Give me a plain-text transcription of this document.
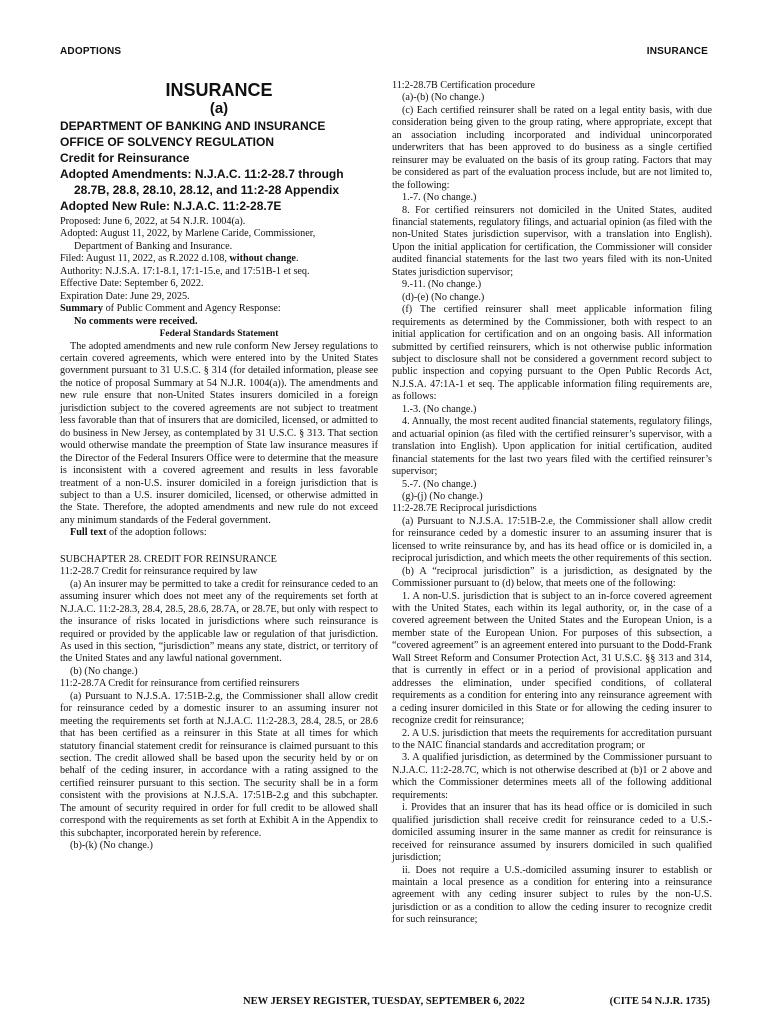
ADOPTIONS	INSURANCE

INSURANCE

(a)

DEPARTMENT OF BANKING AND INSURANCE

OFFICE OF SOLVENCY REGULATION

Credit for Reinsurance

Adopted Amendments: N.J.A.C. 11:2-28.7 through

28.7B, 28.8, 28.10, 28.12, and 11:2-28 Appendix

Adopted New Rule: N.J.A.C. 11:2-28.7E

Proposed: June 6, 2022, at 54 N.J.R. 1004(a).

Adopted: August 11, 2022, by Marlene Caride, Commissioner,

Department of Banking and Insurance.

Filed: August 11, 2022, as R.2022 d.108, without change.

Authority: N.J.S.A. 17:1-8.1, 17:1-15.e, and 17:51B-1 et seq.

Effective Date: September 6, 2022.

Expiration Date: June 29, 2025.

Summary of Public Comment and Agency Response:

No comments were received.

Federal Standards Statement

The adopted amendments and new rule conform New Jersey regulations to certain covered agreements, which were entered into by the United States government pursuant to 31 U.S.C. § 314 (for detailed information, please see the notice of proposal Summary at 54 N.J.R. 1004(a)). The amendments and new rule ensure that non-United States insurers domiciled in a foreign jurisdiction subject to the covered agreements are not subject to treatment less favorable than that of insurers that are domiciled, licensed, or admitted to do business in New Jersey, as contemplated by 31 U.S.C. § 313. That section would otherwise mandate the preemption of State law insurance measures if the Director of the Federal Insurers Office were to determine that the measure is inconsistent with a covered agreement and results in less favorable treatment of a non-U.S. insurer domiciled in a foreign jurisdiction that is subject to than a U.S. insurer domiciled, licensed, or otherwise admitted in the State. Therefore, the adopted amendments and new rule do not exceed any minimum standards of the Federal government.

Full text of the adoption follows:

SUBCHAPTER 28. CREDIT FOR REINSURANCE

11:2-28.7 Credit for reinsurance required by law

(a) An insurer may be permitted to take a credit for reinsurance ceded to an assuming insurer which does not meet any of the requirements set forth at N.J.A.C. 11:2-28.3, 28.4, 28.5, 28.6, 28.7A, or 28.7E, but only with respect to the insurance of risks located in jurisdictions where such reinsurance is required or provided by the applicable law or regulation of that jurisdiction. As used in this section, “jurisdiction” means any state, district, or territory of the United States and any lawful national government.

(b) (No change.)

11:2-28.7A Credit for reinsurance from certified reinsurers

(a) Pursuant to N.J.S.A. 17:51B-2.g, the Commissioner shall allow credit for reinsurance ceded by a domestic insurer to an assuming insurer not meeting the requirements set forth at N.J.A.C. 11:2-28.3, 28.4, 28.5, or 28.6 that has been certified as a reinsurer in this State at all times for which statutory financial statement credit for reinsurance is claimed pursuant to this section. The credit allowed shall be based upon the security held by or on behalf of the ceding insurer, in accordance with a rating assigned to the certified reinsurer pursuant to this section. The security shall be in a form consistent with the provisions at N.J.S.A. 17:51B-2.g and this subchapter. The amount of security required in order for full credit to be allowed shall correspond with the requirements as set forth at Exhibit A in the Appendix to this subchapter, incorporated herein by reference.

(b)-(k) (No change.)

11:2-28.7B Certification procedure

(a)-(b) (No change.)

(c) Each certified reinsurer shall be rated on a legal entity basis, with due consideration being given to the group rating, where appropriate, except that an association including incorporated and individual unincorporated underwriters that has been approved to do business as a single certified reinsurer may be evaluated on the basis of its group rating. Factors that may be considered as part of the evaluation process include, but are not limited to, the following:

1.-7. (No change.)

8. For certified reinsurers not domiciled in the United States, audited financial statements, regulatory filings, and actuarial opinion (as filed with the non-United States jurisdiction supervisor, with a translation into English). Upon the initial application for certification, the Commissioner will consider audited financial statements for the last two years filed with its non-United States jurisdiction supervisor;

9.-11. (No change.)

(d)-(e) (No change.)

(f) The certified reinsurer shall meet applicable information filing requirements as determined by the Commissioner, both with respect to an initial application for certification and on an ongoing basis. All information submitted by certified reinsurers, which is not otherwise public information subject to disclosure shall not be considered a government record subject to public inspection and copying pursuant to the Open Public Records Act, N.J.S.A. 47:1A-1 et seq. The applicable information filing requirements are, as follows:

1.-3. (No change.)

4. Annually, the most recent audited financial statements, regulatory filings, and actuarial opinion (as filed with the certified reinsurer’s supervisor, with a translation into English). Upon application for initial certification, audited financial statements for the last two years filed with the certified reinsurer’s supervisor;

5.-7. (No change.)

(g)-(j) (No change.)

11:2-28.7E Reciprocal jurisdictions

(a) Pursuant to N.J.S.A. 17:51B-2.e, the Commissioner shall allow credit for reinsurance ceded by a domestic insurer to an assuming insurer that is licensed to write reinsurance by, and has its head office or is domiciled in, a reciprocal jurisdiction, and which meets the other requirements of this section.

(b) A “reciprocal jurisdiction” is a jurisdiction, as designated by the Commissioner pursuant to (d) below, that meets one of the following:

1. A non-U.S. jurisdiction that is subject to an in-force covered agreement with the United States, each within its legal authority, or, in the case of a covered agreement between the United States and the European Union, is a member state of the European Union. For purposes of this subsection, a “covered agreement” is an agreement entered into pursuant to the Dodd-Frank Wall Street Reform and Consumer Protection Act, 31 U.S.C. §§ 313 and 314, that is currently in effect or in a period of provisional application and addresses the elimination, under specified conditions, of collateral requirements as a condition for entering into any reinsurance agreement with a ceding insurer domiciled in this State or for allowing the ceding insurer to recognize credit for reinsurance;

2. A U.S. jurisdiction that meets the requirements for accreditation pursuant to the NAIC financial standards and accreditation program; or

3. A qualified jurisdiction, as determined by the Commissioner pursuant to N.J.A.C. 11:2-28.7C, which is not otherwise described at (b)1 or 2 above and which the Commissioner determines meets all of the following additional requirements:

i. Provides that an insurer that has its head office or is domiciled in such qualified jurisdiction shall receive credit for reinsurance ceded to a U.S.-domiciled assuming insurer in the same manner as credit for reinsurance is received for reinsurance assumed by insurers domiciled in such qualified jurisdiction;

ii. Does not require a U.S.-domiciled assuming insurer to establish or maintain a local presence as a condition for entering into a reinsurance agreement with any ceding insurer subject to rules by the non-U.S. jurisdiction or as a condition to allow the ceding insurer to recognize credit for such reinsurance;

NEW JERSEY REGISTER, TUESDAY, SEPTEMBER 6, 2022	(CITE 54 N.J.R. 1735)
